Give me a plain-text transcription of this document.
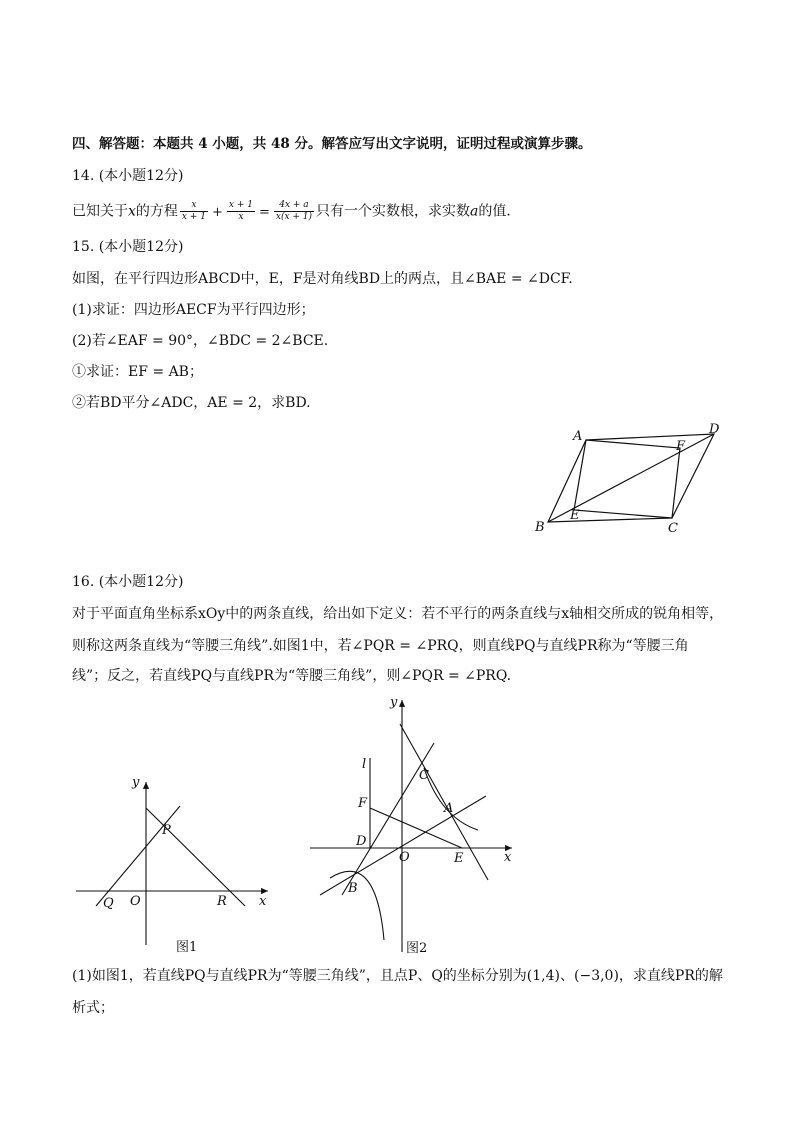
四、解答题：本题共 4 小题，共 48 分。解答应写出文字说明，证明过程或演算步骤。
14. (本小题12分)
已知关于x的方程 $\frac{x}{x + 1} + \frac{x + 1}{x} = \frac{4x + a}{x(x + 1)}$ 只有一个实数根，求实数a的值.
15. (本小题12分)
如图，在平行四边形ABCD中，E，F是对角线BD上的两点，且∠BAE = ∠DCF.
(1)求证：四边形AECF为平行四边形；
(2)若∠EAF = 90°，∠BDC = 2∠BCE.
①求证：EF = AB；
②若BD平分∠ADC，AE = 2，求BD.
A
F
D
B
E
C
16. (本小题12分)
对于平面直角坐标系xOy中的两条直线，给出如下定义：若不平行的两条直线与x轴相交所成的锐角相等，
则称这两条直线为“等腰三角线”.如图1中，若∠PQR = ∠PRQ，则直线PQ与直线PR称为“等腰三角
线”；反之，若直线PQ与直线PR为“等腰三角线”，则∠PQR = ∠PRQ.
y
P
Q O	R x
图1
y
l
C
F	A
D
O	E	x
B
图2
(1)如图1，若直线PQ与直线PR为“等腰三角线”，且点P、Q的坐标分别为(1,4)、(−3,0)，求直线PR的解
析式；
